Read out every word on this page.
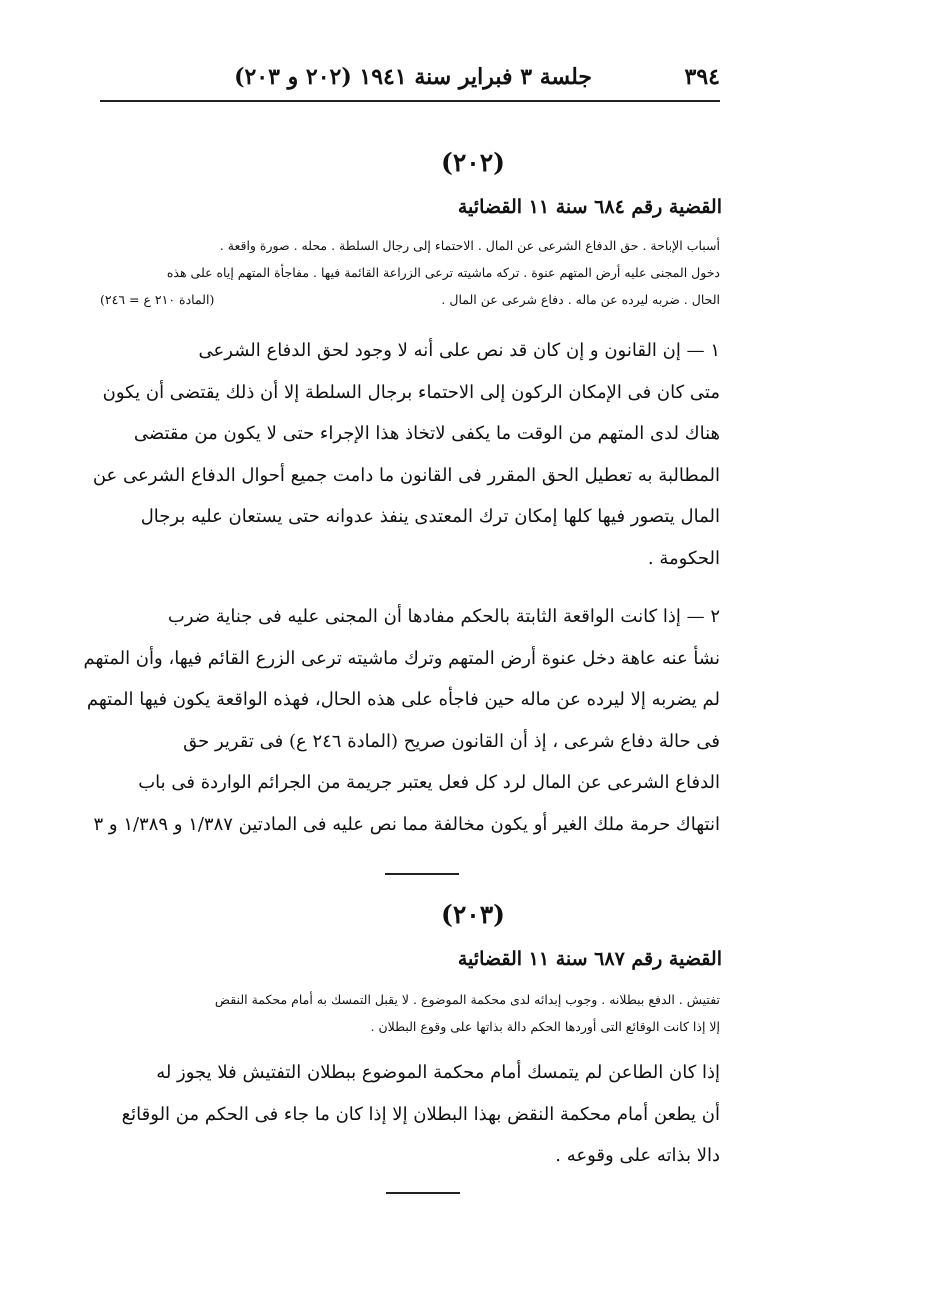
٣٩٤
جلسة ٣ فبراير سنة ١٩٤١ (٢٠٢ و ٢٠٣)
(٢٠٢)
القضية رقم ٦٨٤ سنة ١١ القضائية
أسباب الإباحة . حق الدفاع الشرعى عن المال . الاحتماء إلى رجال السلطة . محله . صورة واقعة .
دخول المجنى عليه أرض المتهم عنوة . تركه ماشيته ترعى الزراعة القائمة فيها . مفاجأة المتهم إياه على هذه
الحال . ضربه ليرده عن ماله . دفاع شرعى عن المال .
(المادة ٢١٠ ع = ٢٤٦)
١ — إن القانون و إن كان قد نص على أنه لا وجود لحق الدفاع الشرعى
متى كان فى الإمكان الركون إلى الاحتماء برجال السلطة إلا أن ذلك يقتضى أن يكون
هناك لدى المتهم من الوقت ما يكفى لاتخاذ هذا الإجراء حتى لا يكون من مقتضى
المطالبة به تعطيل الحق المقرر فى القانون ما دامت جميع أحوال الدفاع الشرعى عن
المال يتصور فيها كلها إمكان ترك المعتدى ينفذ عدوانه حتى يستعان عليه برجال
الحكومة .
٢ — إذا كانت الواقعة الثابتة بالحكم مفادها أن المجنى عليه فى جناية ضرب
نشأ عنه عاهة دخل عنوة أرض المتهم وترك ماشيته ترعى الزرع القائم فيها، وأن المتهم
لم يضربه إلا ليرده عن ماله حين فاجأه على هذه الحال، فهذه الواقعة يكون فيها المتهم
فى حالة دفاع شرعى ، إذ أن القانون صريح (المادة ٢٤٦ ع) فى تقرير حق
الدفاع الشرعى عن المال لرد كل فعل يعتبر جريمة من الجرائم الواردة فى باب
انتهاك حرمة ملك الغير أو يكون مخالفة مما نص عليه فى المادتين ١/٣٨٧ و ١/٣٨٩ و ٣
(٢٠٣)
القضية رقم ٦٨٧ سنة ١١ القضائية
تفتيش . الدفع ببطلانه . وجوب إبدائه لدى محكمة الموضوع . لا يقبل التمسك به أمام محكمة النقض
إلا إذا كانت الوقائع التى أوردها الحكم دالة بذاتها على وقوع البطلان .
إذا كان الطاعن لم يتمسك أمام محكمة الموضوع ببطلان التفتيش فلا يجوز له
أن يطعن أمام محكمة النقض بهذا البطلان إلا إذا كان ما جاء فى الحكم من الوقائع
دالا بذاته على وقوعه .
